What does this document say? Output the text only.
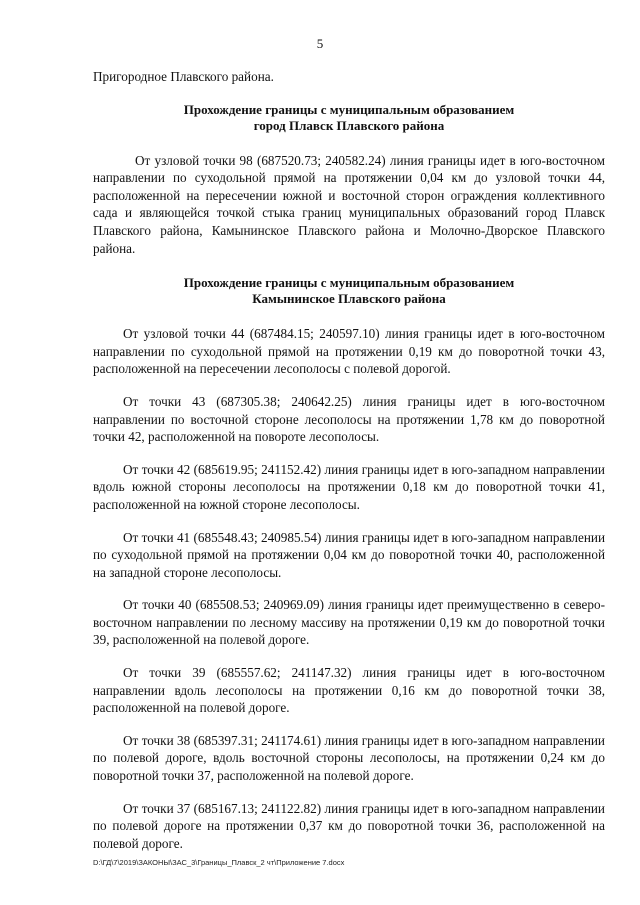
5

Пригородное Плавского района.

Прохождение границы с муниципальным образованием
город Плавск Плавского района

От узловой точки 98 (687520.73; 240582.24) линия границы идет в юго-восточном направлении по суходольной прямой на протяжении 0,04 км до узловой точки 44, расположенной на пересечении южной и восточной сторон ограждения коллективного сада и являющейся точкой стыка границ муниципальных образований город Плавск Плавского района, Камынинское Плавского района и Молочно-Дворское Плавского района.

Прохождение границы с муниципальным образованием
Камынинское Плавского района

От узловой точки 44 (687484.15; 240597.10) линия границы идет в юго-восточном направлении по суходольной прямой на протяжении 0,19 км до поворотной точки 43, расположенной на пересечении лесополосы с полевой дорогой.

От точки 43 (687305.38; 240642.25) линия границы идет в юго-восточном направлении по восточной стороне лесополосы на протяжении 1,78 км до поворотной точки 42, расположенной на повороте лесополосы.

От точки 42 (685619.95; 241152.42) линия границы идет в юго-западном направлении вдоль южной стороны лесополосы на протяжении 0,18 км до поворотной точки 41, расположенной на южной стороне лесополосы.

От точки 41 (685548.43; 240985.54) линия границы идет в юго-западном направлении по суходольной прямой на протяжении 0,04 км до поворотной точки 40, расположенной на западной стороне лесополосы.

От точки 40 (685508.53; 240969.09) линия границы идет преимущественно в северо-восточном направлении по лесному массиву на протяжении 0,19 км до поворотной точки 39, расположенной на полевой дороге.

От точки 39 (685557.62; 241147.32) линия границы идет в юго-восточном направлении вдоль лесополосы на протяжении 0,16 км до поворотной точки 38, расположенной на полевой дороге.

От точки 38 (685397.31; 241174.61) линия границы идет в юго-западном направлении по полевой дороге, вдоль восточной стороны лесополосы, на протяжении 0,24 км до поворотной точки 37, расположенной на полевой дороге.

От точки 37 (685167.13; 241122.82) линия границы идет в юго-западном направлении по полевой дороге на протяжении 0,37 км до поворотной точки 36, расположенной на полевой дороге.

D:\ГД\7\2019\ЗАКОНЫ\ЗАС_3\Границы_Плавск_2 чт\Приложение 7.docx
